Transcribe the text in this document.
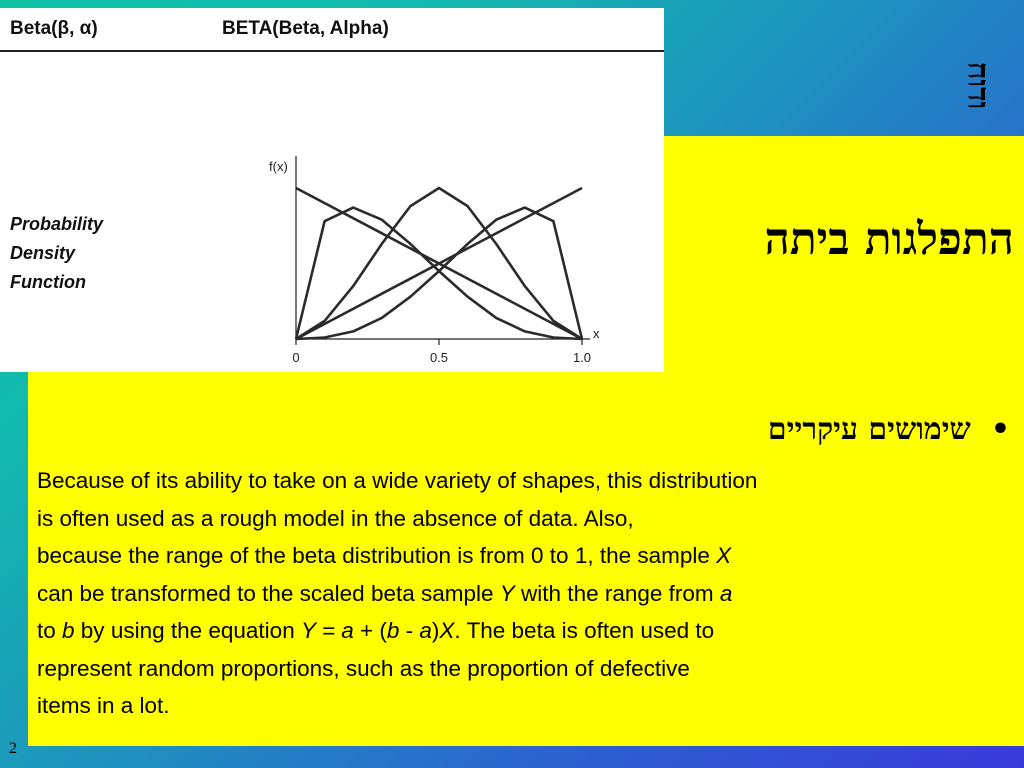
Beta(β, α)	BETA(Beta, Alpha)
Probability
Density
Function
0	0.5	1.0
f(x)
x
ודוח
התפלגות ביתה
•שימושים עיקריים
Because of its ability to take on a wide variety of shapes, this distribution
is often used as a rough model in the absence of data. Also,
because the range of the beta distribution is from 0 to 1, the sample X
can be transformed to the scaled beta sample Y with the range from a
to b by using the equation Y = a + (b - a)X. The beta is often used to
represent random proportions, such as the proportion of defective
items in a lot.
2
